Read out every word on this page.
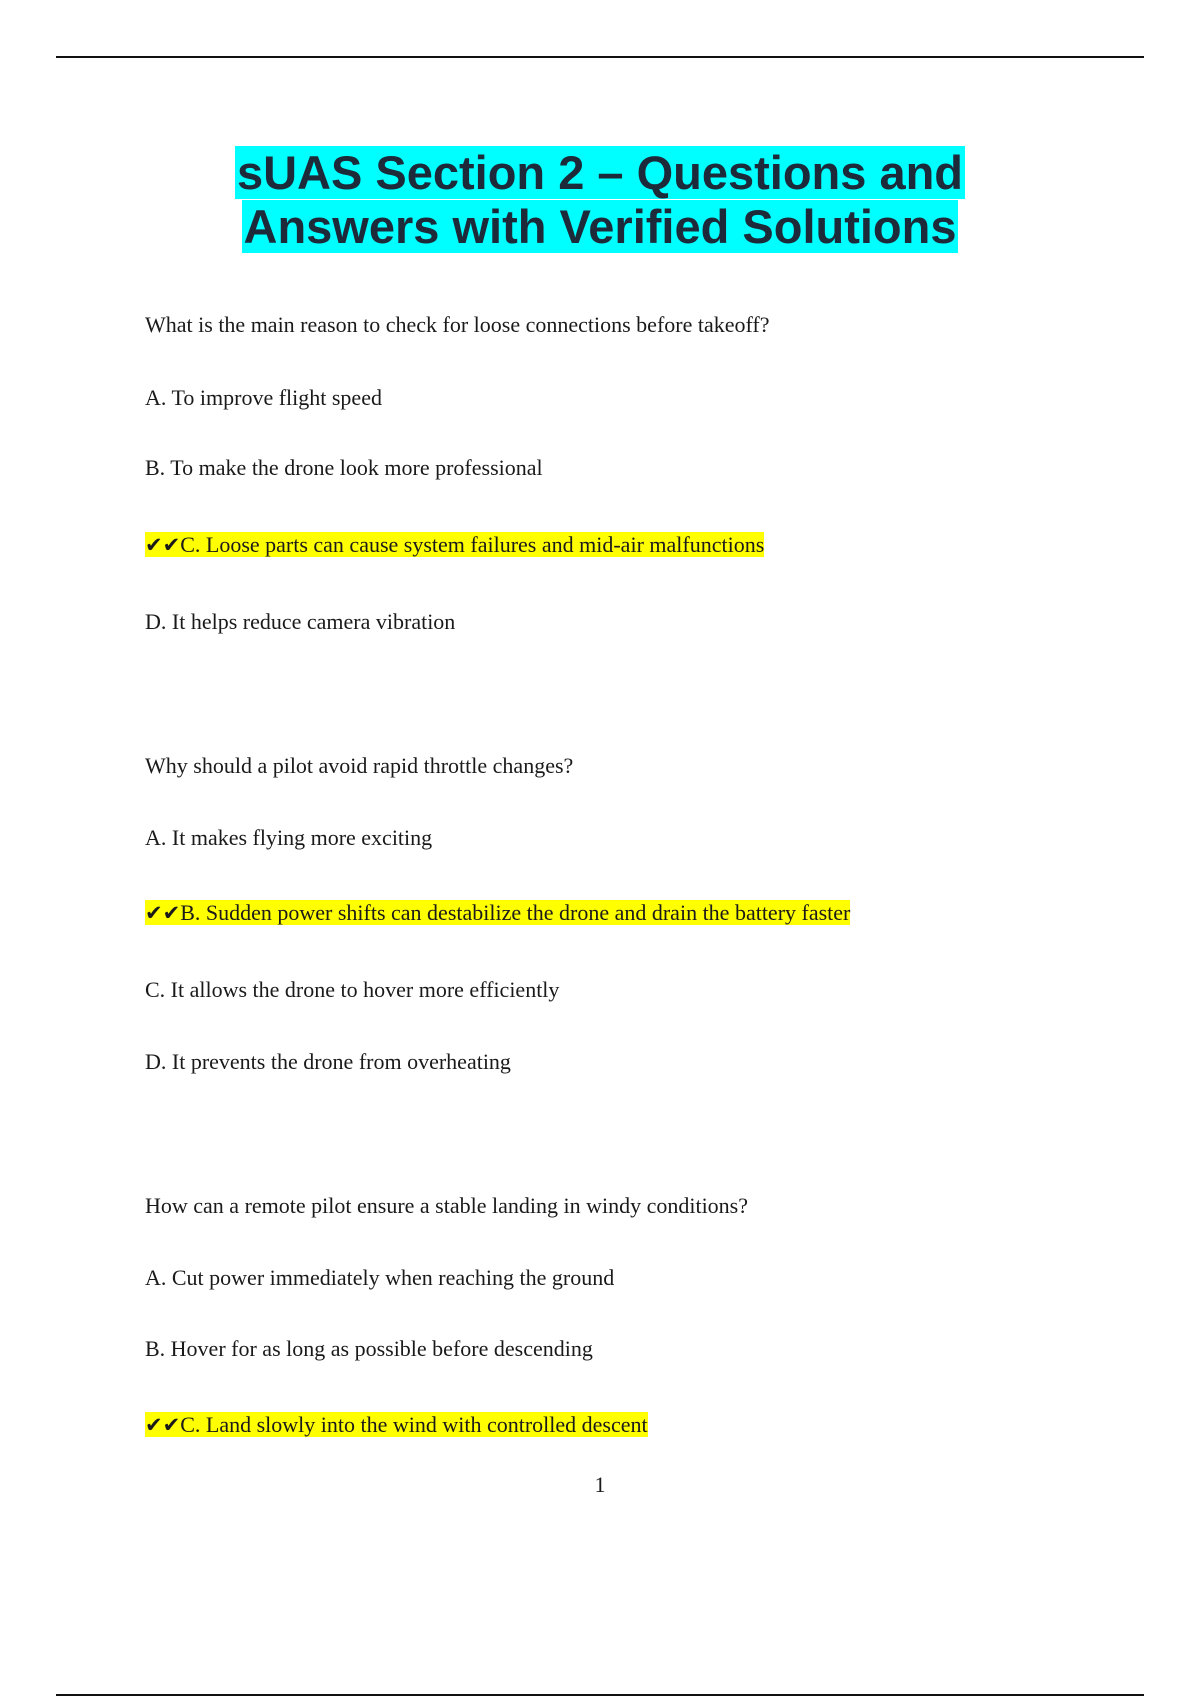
sUAS Section 2 – Questions and
Answers with Verified Solutions

What is the main reason to check for loose connections before takeoff?

A. To improve flight speed

B. To make the drone look more professional

✔✔C. Loose parts can cause system failures and mid-air malfunctions

D. It helps reduce camera vibration

Why should a pilot avoid rapid throttle changes?

A. It makes flying more exciting

✔✔B. Sudden power shifts can destabilize the drone and drain the battery faster

C. It allows the drone to hover more efficiently

D. It prevents the drone from overheating

How can a remote pilot ensure a stable landing in windy conditions?

A. Cut power immediately when reaching the ground

B. Hover for as long as possible before descending

✔✔C. Land slowly into the wind with controlled descent

1
